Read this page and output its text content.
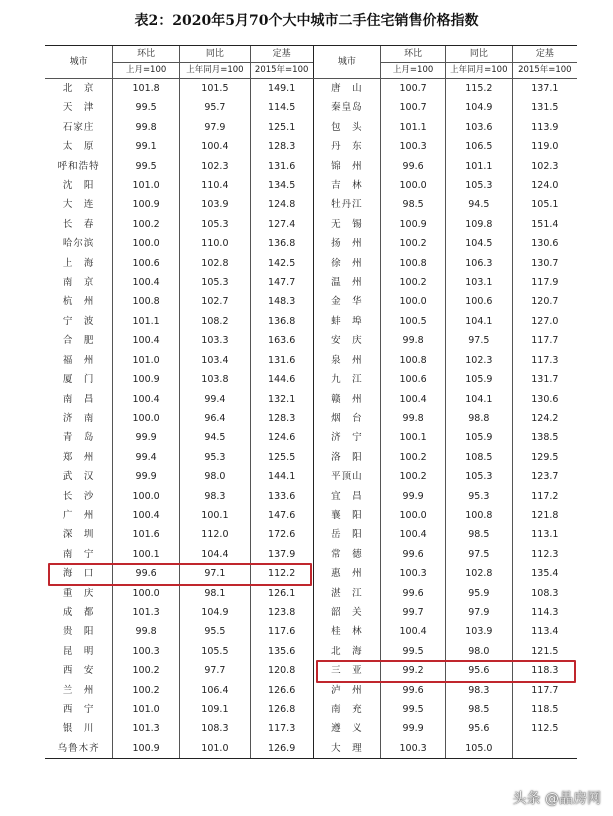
表2：2020年5月70个大中城市二手住宅销售价格指数
城市	环比	同比	定基	城市	环比	同比	定基
	上月=100	上年同月=100	2015年=100		上月=100	上年同月=100	2015年=100
北　京	101.8	101.5	149.1	唐　山	100.7	115.2	137.1
天　津	99.5	95.7	114.5	秦皇岛	100.7	104.9	131.5
石家庄	99.8	97.9	125.1	包　头	101.1	103.6	113.9
太　原	99.1	100.4	128.3	丹　东	100.3	106.5	119.0
呼和浩特	99.5	102.3	131.6	锦　州	99.6	101.1	102.3
沈　阳	101.0	110.4	134.5	吉　林	100.0	105.3	124.0
大　连	100.9	103.9	124.8	牡丹江	98.5	94.5	105.1
长　春	100.2	105.3	127.4	无　锡	100.9	109.8	151.4
哈尔滨	100.0	110.0	136.8	扬　州	100.2	104.5	130.6
上　海	100.6	102.8	142.5	徐　州	100.8	106.3	130.7
南　京	100.4	105.3	147.7	温　州	100.2	103.1	117.9
杭　州	100.8	102.7	148.3	金　华	100.0	100.6	120.7
宁　波	101.1	108.2	136.8	蚌　埠	100.5	104.1	127.0
合　肥	100.4	103.3	163.6	安　庆	99.8	97.5	117.7
福　州	101.0	103.4	131.6	泉　州	100.8	102.3	117.3
厦　门	100.9	103.8	144.6	九　江	100.6	105.9	131.7
南　昌	100.4	99.4	132.1	赣　州	100.4	104.1	130.6
济　南	100.0	96.4	128.3	烟　台	99.8	98.8	124.2
青　岛	99.9	94.5	124.6	济　宁	100.1	105.9	138.5
郑　州	99.4	95.3	125.5	洛　阳	100.2	108.5	129.5
武　汉	99.9	98.0	144.1	平顶山	100.2	105.3	123.7
长　沙	100.0	98.3	133.6	宜　昌	99.9	95.3	117.2
广　州	100.4	100.1	147.6	襄　阳	100.0	100.8	121.8
深　圳	101.6	112.0	172.6	岳　阳	100.4	98.5	113.1
南　宁	100.1	104.4	137.9	常　德	99.6	97.5	112.3
海　口	99.6	97.1	112.2	惠　州	100.3	102.8	135.4
重　庆	100.0	98.1	126.1	湛　江	99.6	95.9	108.3
成　都	101.3	104.9	123.8	韶　关	99.7	97.9	114.3
贵　阳	99.8	95.5	117.6	桂　林	100.4	103.9	113.4
昆　明	100.3	105.5	135.6	北　海	99.5	98.0	121.5
西　安	100.2	97.7	120.8	三　亚	99.2	95.6	118.3
兰　州	100.2	106.4	126.6	泸　州	99.6	98.3	117.7
西　宁	101.0	109.1	126.8	南　充	99.5	98.5	118.5
银　川	101.3	108.3	117.3	遵　义	99.9	95.6	112.5
乌鲁木齐	100.9	101.0	126.9	大　理	100.3	105.0	
头条 @晶房网
